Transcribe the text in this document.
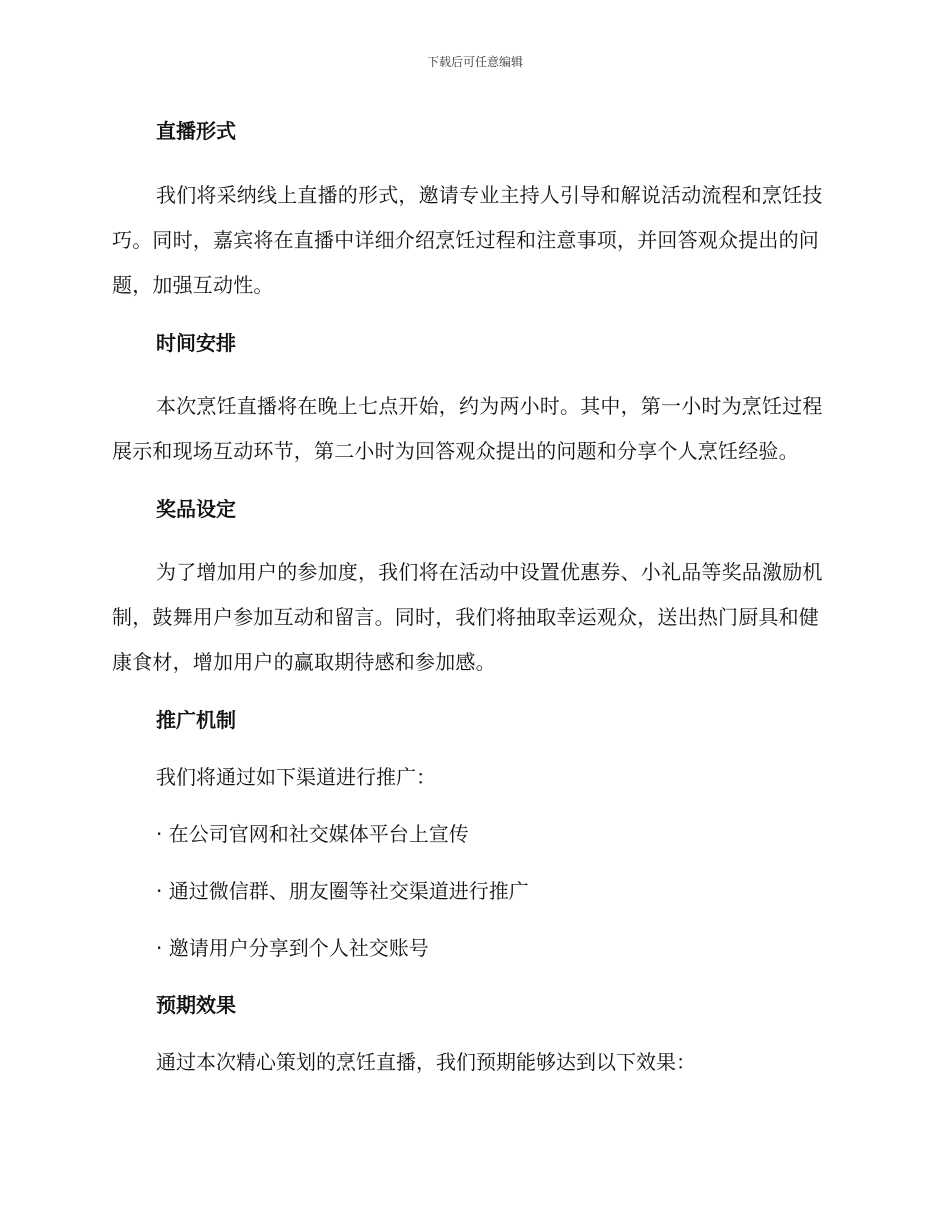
下载后可任意编辑

直播形式

我们将采纳线上直播的形式，邀请专业主持人引导和解说活动流程和烹饪技巧。同时，嘉宾将在直播中详细介绍烹饪过程和注意事项，并回答观众提出的问题，加强互动性。

时间安排

本次烹饪直播将在晚上七点开始，约为两小时。其中，第一小时为烹饪过程展示和现场互动环节，第二小时为回答观众提出的问题和分享个人烹饪经验。

奖品设定

为了增加用户的参加度，我们将在活动中设置优惠券、小礼品等奖品激励机制，鼓舞用户参加互动和留言。同时，我们将抽取幸运观众，送出热门厨具和健康食材，增加用户的赢取期待感和参加感。

推广机制

我们将通过如下渠道进行推广：

· 在公司官网和社交媒体平台上宣传

· 通过微信群、朋友圈等社交渠道进行推广

· 邀请用户分享到个人社交账号

预期效果

通过本次精心策划的烹饪直播，我们预期能够达到以下效果：
